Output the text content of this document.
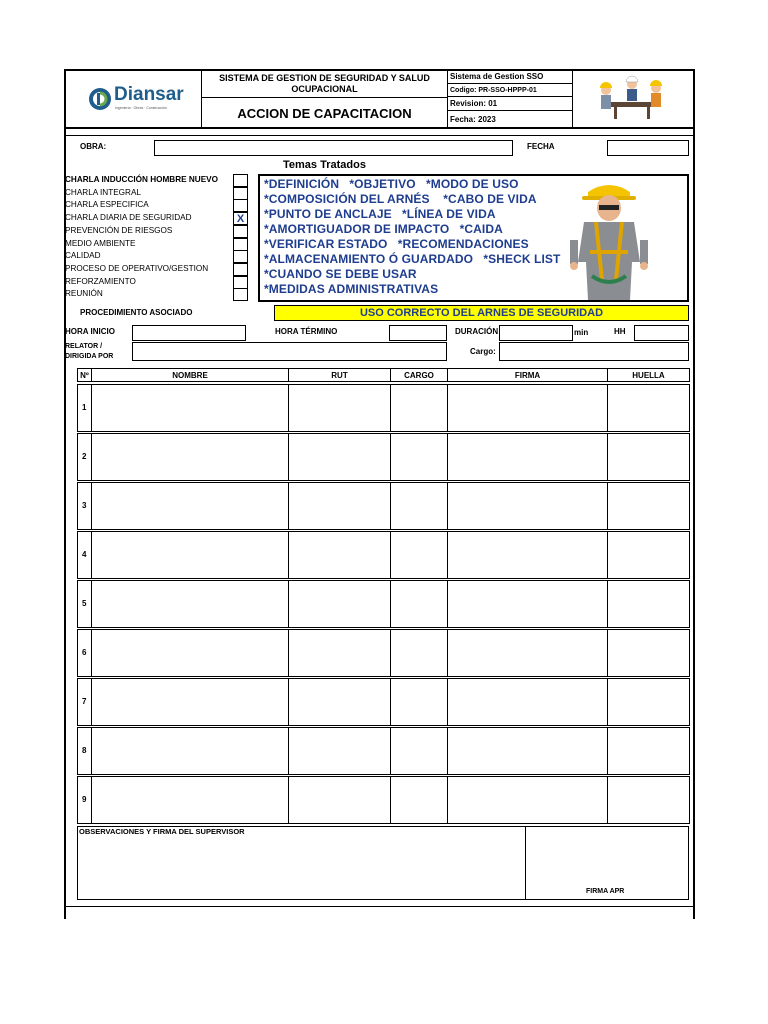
Diansar
Ingeniería · Obras · Construcción
SISTEMA DE GESTION DE SEGURIDAD Y SALUD OCUPACIONAL
ACCION DE CAPACITACION
Sistema de Gestion SSO
Codigo: PR-SSO-HPPP-01
Revision: 01
Fecha: 2023
OBRA:	FECHA
Temas Tratados
CHARLA INDUCCIÓN HOMBRE NUEVO
CHARLA INTEGRAL
CHARLA ESPECIFICA
CHARLA DIARIA DE SEGURIDAD	X
PREVENCIÓN DE RIESGOS
MEDIO AMBIENTE
CALIDAD
PROCESO DE OPERATIVO/GESTION
REFORZAMIENTO
REUNIÓN
*DEFINICIÓN   *OBJETIVO   *MODO DE USO
*COMPOSICIÓN DEL ARNÉS    *CABO DE VIDA
*PUNTO DE ANCLAJE   *LÍNEA DE VIDA
*AMORTIGUADOR DE IMPACTO   *CAIDA
*VERIFICAR ESTADO   *RECOMENDACIONES
*ALMACENAMIENTO Ó GUARDADO   *SHECK LIST
*CUANDO SE DEBE USAR
*MEDIDAS ADMINISTRATIVAS
PROCEDIMIENTO ASOCIADO	USO CORRECTO DEL ARNES DE SEGURIDAD
HORA INICIO	HORA TÉRMINO	DURACIÓN	min	HH
RELATOR /
DIRIGIDA POR
Cargo:
Nº	NOMBRE	RUT	CARGO	FIRMA	HUELLA
1
2
3
4
5
6
7
8
9
OBSERVACIONES Y FIRMA DEL SUPERVISOR
FIRMA APR
